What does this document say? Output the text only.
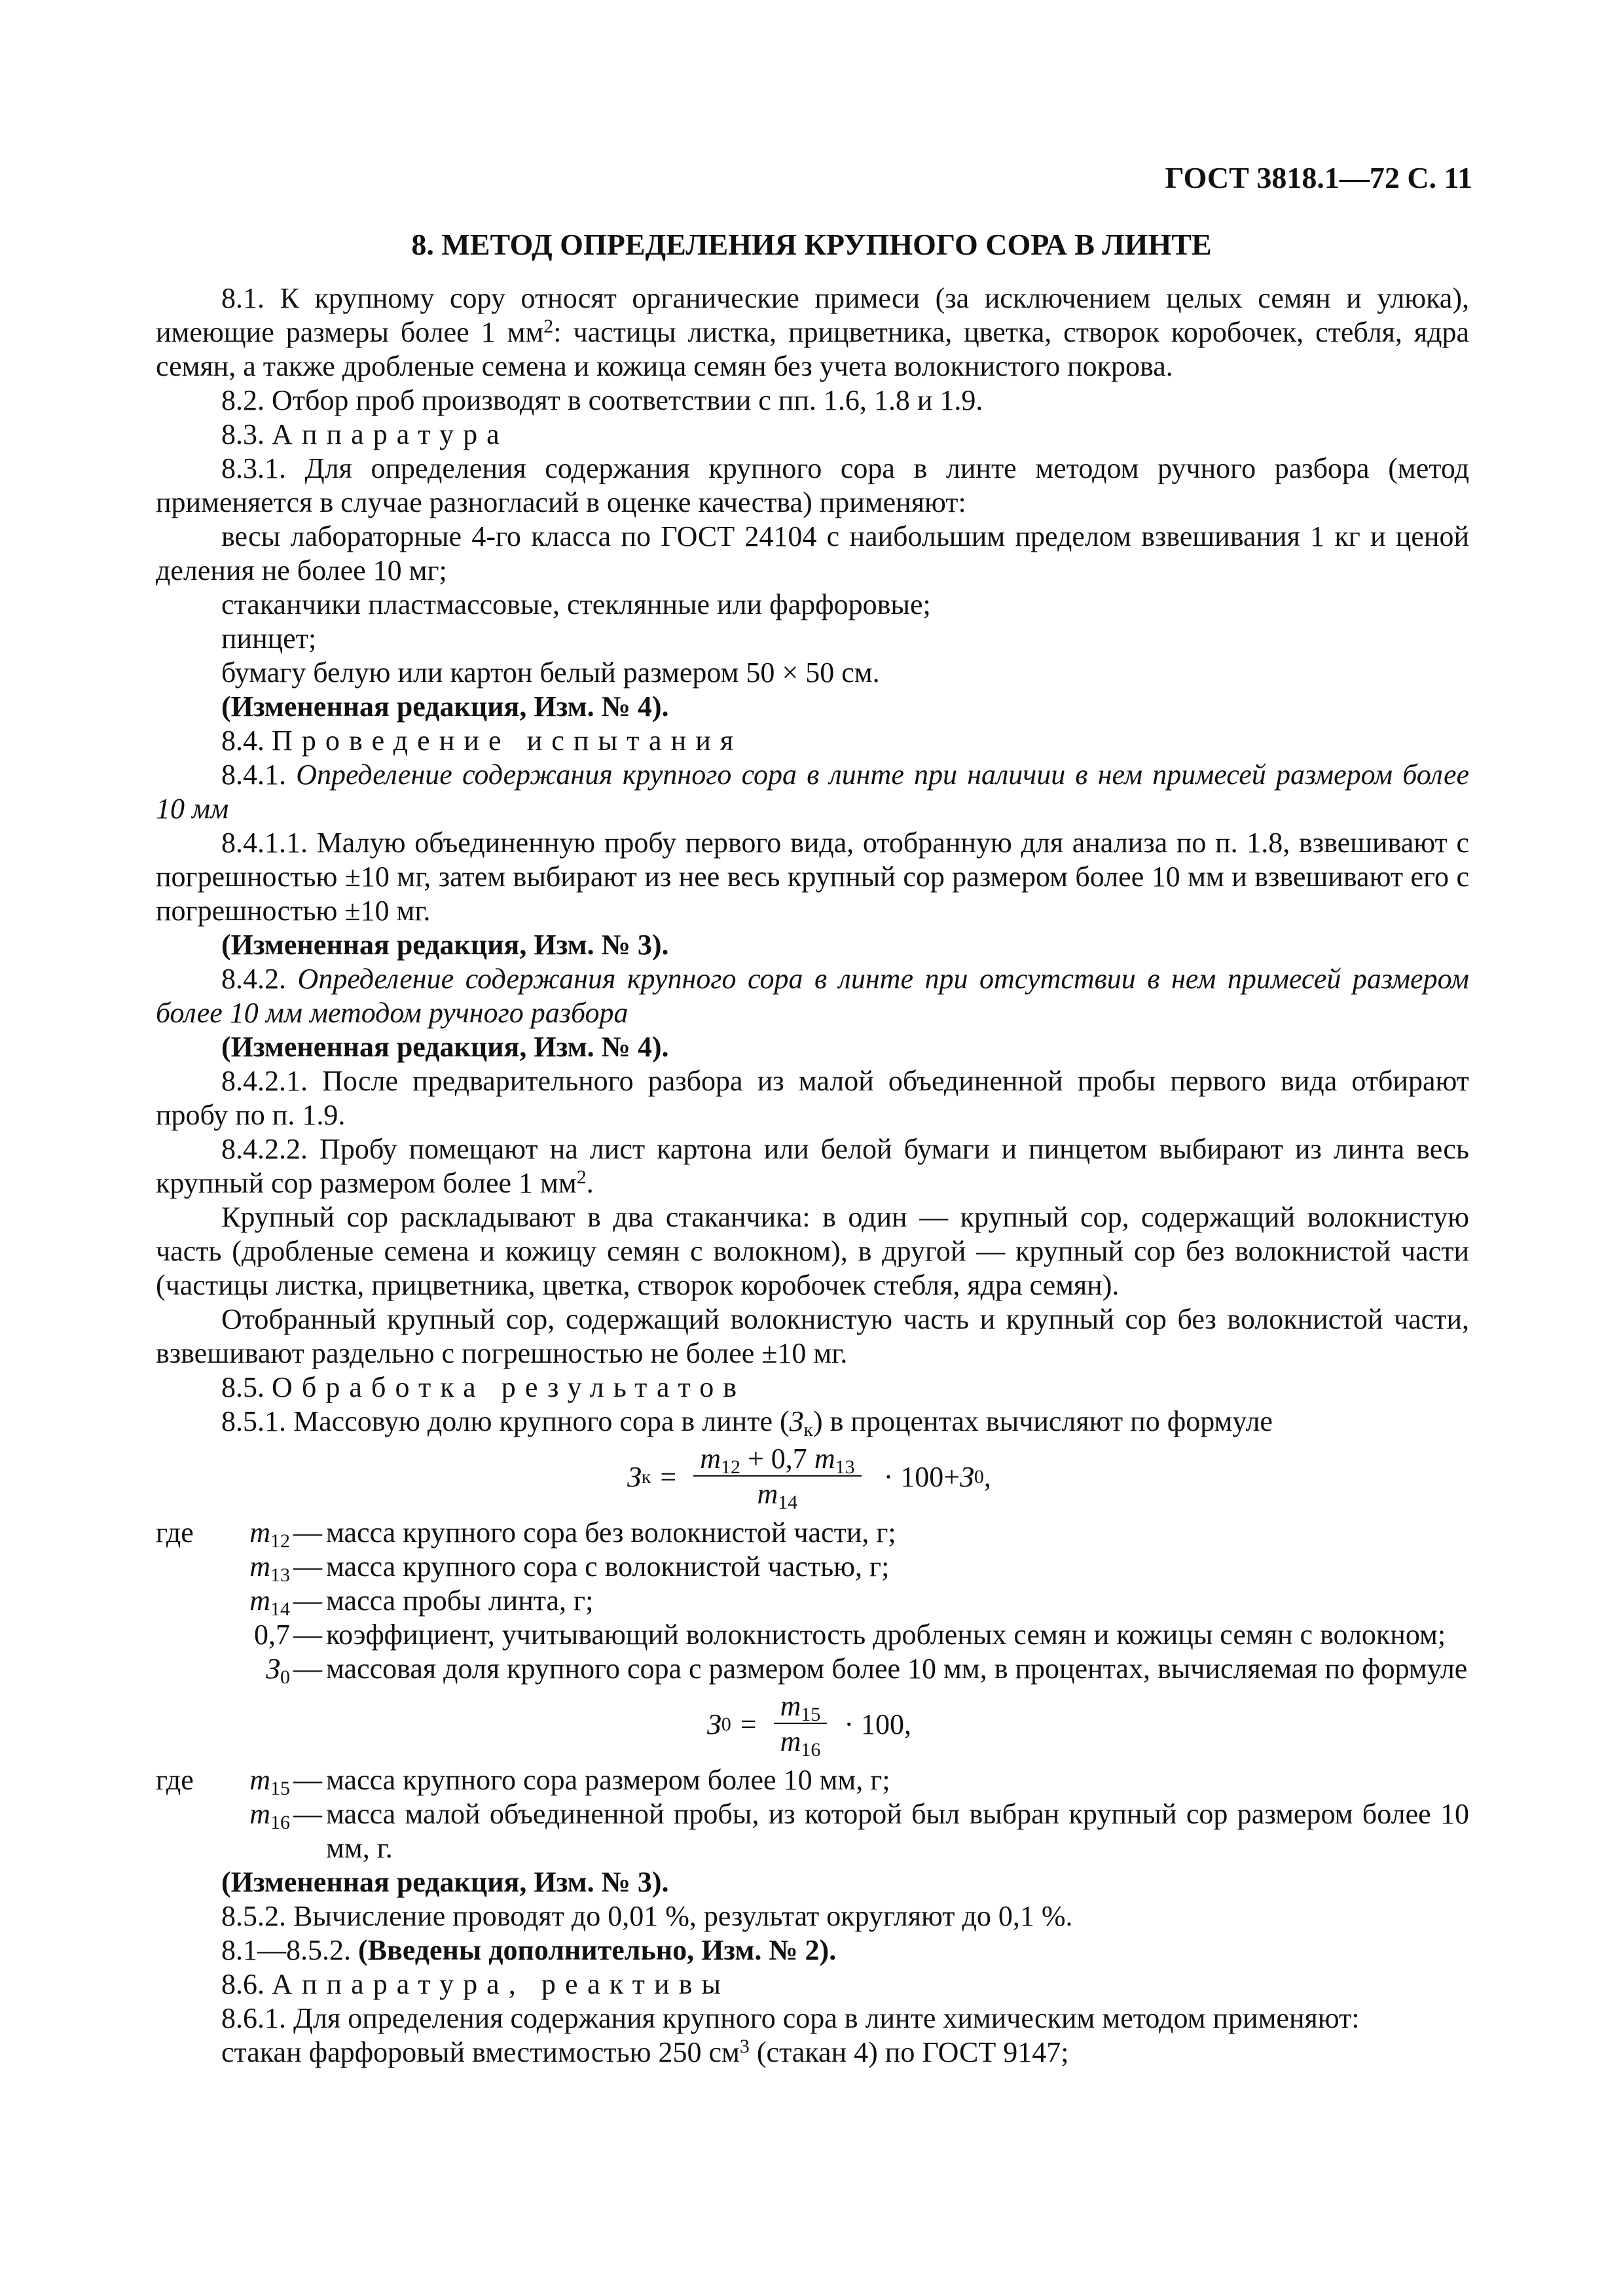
ГОСТ 3818.1—72 С. 11
8. МЕТОД ОПРЕДЕЛЕНИЯ КРУПНОГО СОРА В ЛИНТЕ

8.1. К крупному сору относят органические примеси (за исключением целых семян и улюка), имеющие размеры более 1 $мм^2$: частицы листка, прицветника, цветка, створок коробочек, стебля, ядра семян, а также дробленые семена и кожица семян без учета волокнистого покрова.

8.2. Отбор проб производят в соответствии с пп. 1.6, 1.8 и 1.9.

8.3. Аппаратура

8.3.1. Для определения содержания крупного сора в линте методом ручного разбора (метод применяется в случае разногласий в оценке качества) применяют:

весы лабораторные 4-го класса по ГОСТ 24104 с наибольшим пределом взвешивания 1 кг и ценой деления не более 10 мг;

стаканчики пластмассовые, стеклянные или фарфоровые;

пинцет;

бумагу белую или картон белый размером 50 × 50 см.

(Измененная редакция, Изм. № 4).

8.4. Проведение испытания

8.4.1. Определение содержания крупного сора в линте при наличии в нем примесей размером более 10 мм

8.4.1.1. Малую объединенную пробу первого вида, отобранную для анализа по п. 1.8, взвешивают с погрешностью ±10 мг, затем выбирают из нее весь крупный сор размером более 10 мм и взвешивают его с погрешностью ±10 мг.

(Измененная редакция, Изм. № 3).

8.4.2. Определение содержания крупного сора в линте при отсутствии в нем примесей размером более 10 мм методом ручного разбора

(Измененная редакция, Изм. № 4).

8.4.2.1. После предварительного разбора из малой объединенной пробы первого вида отбирают пробу по п. 1.9.

8.4.2.2. Пробу помещают на лист картона или белой бумаги и пинцетом выбирают из линта весь крупный сор размером более 1 $мм^2$.

Крупный сор раскладывают в два стаканчика: в один — крупный сор, содержащий волокнистую часть (дробленые семена и кожицу семян с волокном), в другой — крупный сор без волокнистой части (частицы листка, прицветника, цветка, створок коробочек стебля, ядра семян).

Отобранный крупный сор, содержащий волокнистую часть и крупный сор без волокнистой части, взвешивают раздельно с погрешностью не более ±10 мг.

8.5. Обработка результатов

8.5.1. Массовую долю крупного сора в линте $(З_к)$ в процентах вычисляют по формуле

З $к = \frac{m_{12} + 0,7 m_{13}}{m_{14}} \cdot 100+ З$ 0 ,
где $m_{12}$ — масса крупного сора без волокнистой части, г;
$m_{13}$ — масса крупного сора с волокнистой частью, г;
$m_{14}$ — масса пробы линта, г;
0,7 — коэффициент, учитывающий волокнистость дробленых семян и кожицы семян с волокном;
$З_0$ — массовая доля крупного сора с размером более 10 мм, в процентах, вычисляемая по формуле
З $0 = \frac{m_{15}}{m_{16}} \cdot 100$,
где $m_{15}$ — масса крупного сора размером более 10 мм, г;
$m_{16}$ — масса малой объединенной пробы, из которой был выбран крупный сор размером более 10 мм, г.

(Измененная редакция, Изм. № 3).

8.5.2. Вычисление проводят до 0,01 %, результат округляют до 0,1 %.

8.1—8.5.2. (Введены дополнительно, Изм. № 2).

8.6. Аппаратура, реактивы

8.6.1. Для определения содержания крупного сора в линте химическим методом применяют:

стакан фарфоровый вместимостью 250 $см^3$ (стакан 4) по ГОСТ 9147;
